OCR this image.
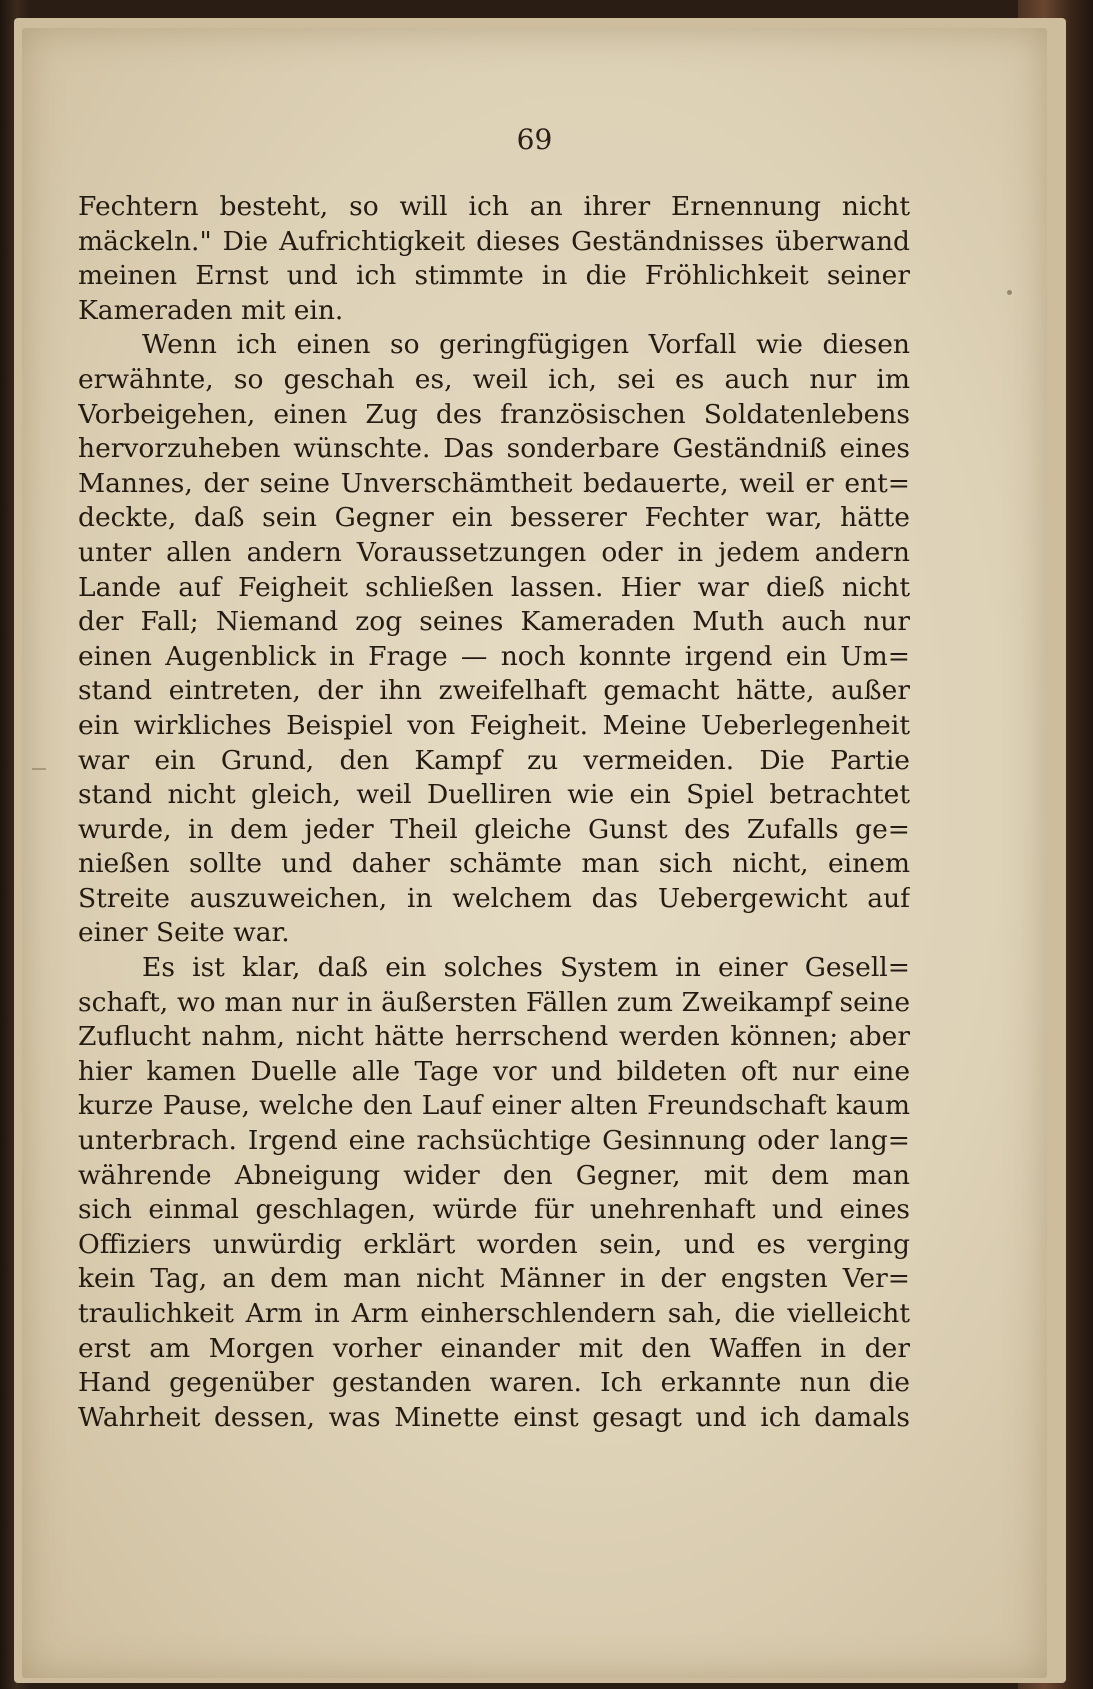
69
Fechtern besteht, so will ich an ihrer Ernennung nicht
mäckeln." Die Aufrichtigkeit dieses Geständnisses überwand
meinen Ernst und ich stimmte in die Fröhlichkeit seiner
Kameraden mit ein.
Wenn ich einen so geringfügigen Vorfall wie diesen
erwähnte, so geschah es, weil ich, sei es auch nur im
Vorbeigehen, einen Zug des französischen Soldatenlebens
hervorzuheben wünschte. Das sonderbare Geständniß eines
Mannes, der seine Unverschämtheit bedauerte, weil er ent=
deckte, daß sein Gegner ein besserer Fechter war, hätte
unter allen andern Voraussetzungen oder in jedem andern
Lande auf Feigheit schließen lassen. Hier war dieß nicht
der Fall; Niemand zog seines Kameraden Muth auch nur
einen Augenblick in Frage — noch konnte irgend ein Um=
stand eintreten, der ihn zweifelhaft gemacht hätte, außer
ein wirkliches Beispiel von Feigheit. Meine Ueberlegenheit
war ein Grund, den Kampf zu vermeiden. Die Partie
stand nicht gleich, weil Duelliren wie ein Spiel betrachtet
wurde, in dem jeder Theil gleiche Gunst des Zufalls ge=
nießen sollte und daher schämte man sich nicht, einem
Streite auszuweichen, in welchem das Uebergewicht auf
einer Seite war.
Es ist klar, daß ein solches System in einer Gesell=
schaft, wo man nur in äußersten Fällen zum Zweikampf seine
Zuflucht nahm, nicht hätte herrschend werden können; aber
hier kamen Duelle alle Tage vor und bildeten oft nur eine
kurze Pause, welche den Lauf einer alten Freundschaft kaum
unterbrach. Irgend eine rachsüchtige Gesinnung oder lang=
währende Abneigung wider den Gegner, mit dem man
sich einmal geschlagen, würde für unehrenhaft und eines
Offiziers unwürdig erklärt worden sein, und es verging
kein Tag, an dem man nicht Männer in der engsten Ver=
traulichkeit Arm in Arm einherschlendern sah, die vielleicht
erst am Morgen vorher einander mit den Waffen in der
Hand gegenüber gestanden waren. Ich erkannte nun die
Wahrheit dessen, was Minette einst gesagt und ich damals
